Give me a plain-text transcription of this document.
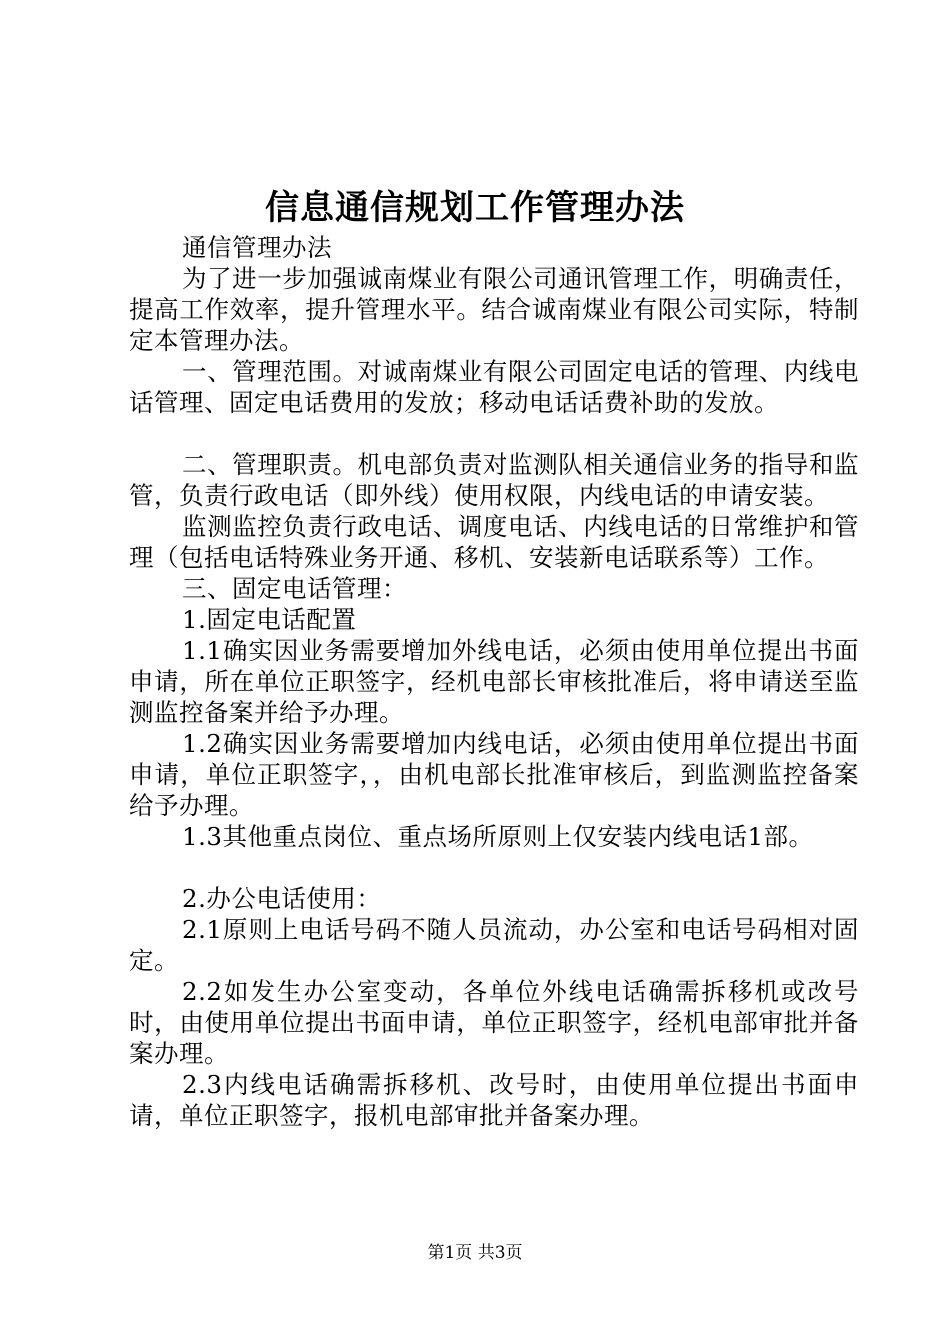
信息通信规划工作管理办法

通信管理办法

为了进一步加强诚南煤业有限公司通讯管理工作，明确责任，提高工作效率，提升管理水平。结合诚南煤业有限公司实际，特制定本管理办法。

一、管理范围。对诚南煤业有限公司固定电话的管理、内线电话管理、固定电话费用的发放；移动电话话费补助的发放。

二、管理职责。机电部负责对监测队相关通信业务的指导和监管，负责行政电话（即外线）使用权限，内线电话的申请安装。

监测监控负责行政电话、调度电话、内线电话的日常维护和管理（包括电话特殊业务开通、移机、安装新电话联系等）工作。

三、固定电话管理：

1.固定电话配置

1.1确实因业务需要增加外线电话，必须由使用单位提出书面申请，所在单位正职签字，经机电部长审核批准后，将申请送至监测监控备案并给予办理。

1.2确实因业务需要增加内线电话，必须由使用单位提出书面申请，单位正职签字，，由机电部长批准审核后，到监测监控备案给予办理。

1.3其他重点岗位、重点场所原则上仅安装内线电话1部。

2.办公电话使用：

2.1原则上电话号码不随人员流动，办公室和电话号码相对固定。

2.2如发生办公室变动，各单位外线电话确需拆移机或改号时，由使用单位提出书面申请，单位正职签字，经机电部审批并备案办理。

2.3内线电话确需拆移机、改号时，由使用单位提出书面申请，单位正职签字，报机电部审批并备案办理。

第1页 共3页
